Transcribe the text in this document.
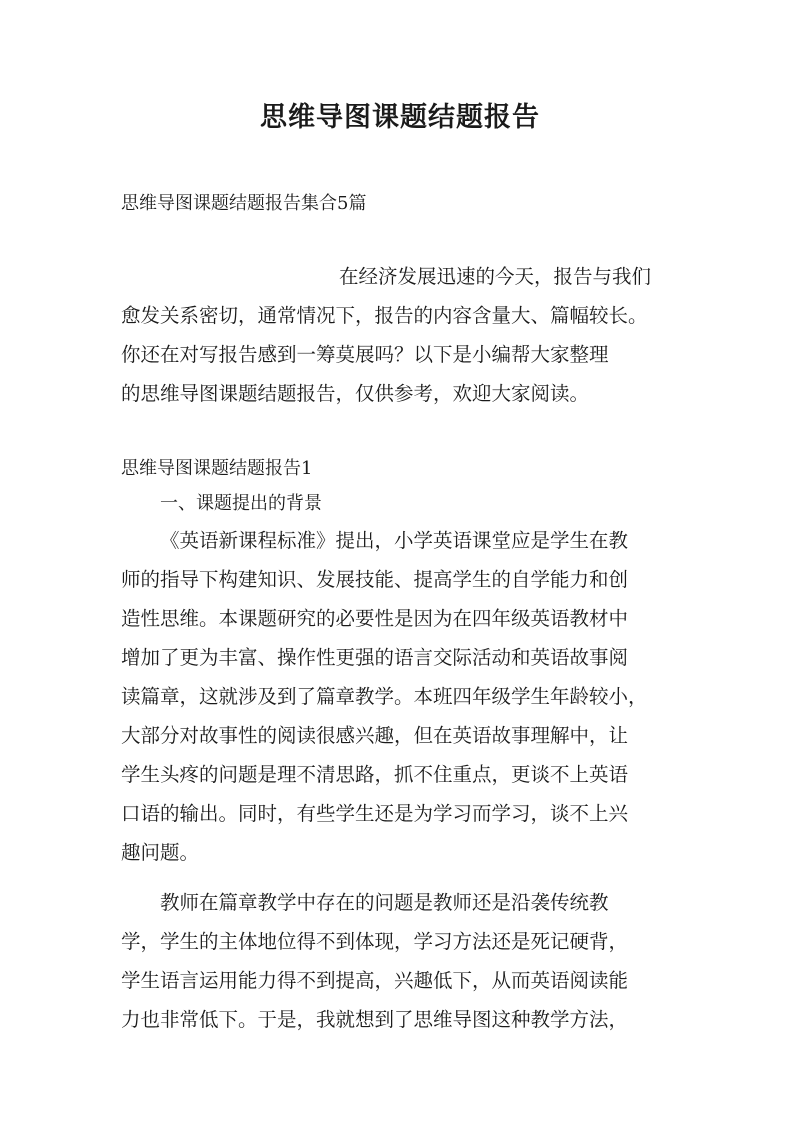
思维导图课题结题报告
思维导图课题结题报告集合5篇
在经济发展迅速的今天，报告与我们
愈发关系密切，通常情况下，报告的内容含量大、篇幅较长。
你还在对写报告感到一筹莫展吗？以下是小编帮大家整理
的思维导图课题结题报告，仅供参考，欢迎大家阅读。
思维导图课题结题报告1
一、课题提出的背景
《英语新课程标准》提出，小学英语课堂应是学生在教
师的指导下构建知识、发展技能、提高学生的自学能力和创
造性思维。本课题研究的必要性是因为在四年级英语教材中
增加了更为丰富、操作性更强的语言交际活动和英语故事阅
读篇章，这就涉及到了篇章教学。本班四年级学生年龄较小，
大部分对故事性的阅读很感兴趣，但在英语故事理解中，让
学生头疼的问题是理不清思路，抓不住重点，更谈不上英语
口语的输出。同时，有些学生还是为学习而学习，谈不上兴
趣问题。
教师在篇章教学中存在的问题是教师还是沿袭传统教
学，学生的主体地位得不到体现，学习方法还是死记硬背，
学生语言运用能力得不到提高，兴趣低下，从而英语阅读能
力也非常低下。于是，我就想到了思维导图这种教学方法，
